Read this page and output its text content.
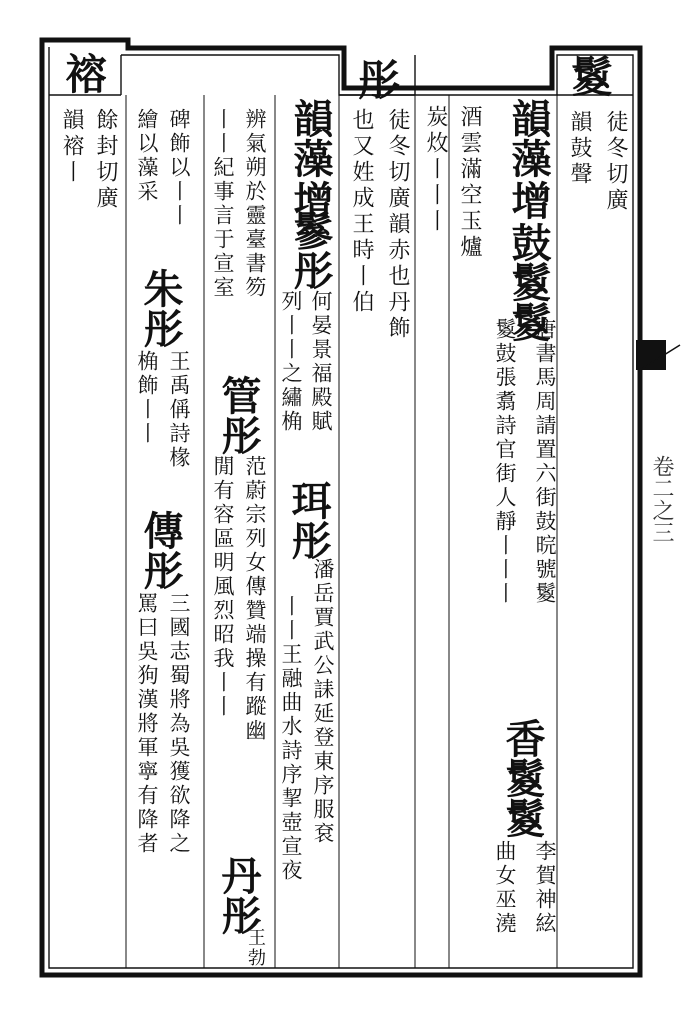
卷二之三
鬉
徒冬切廣
韻鼓聲
韻藻
增
鼓鬉鬉
唐書馬周請置六街鼓晥號鬉
鬉鼓張翥詩官街人靜丨丨丨
香鬉鬉
李賀神絃
曲女巫澆
酒雲滿空玉爐
炭炇丨丨丨
彤
徒冬切廣韻赤也丹飾
也又姓成王時丨伯
韻藻
增
鬖彤
何晏景福殿賦
列丨丨之繡桷
珥彤
潘岳賈武公誄延登東序服袞
丨丨王融曲水詩序挈壺宣夜
辨氣朔於靈臺書笏
丨丨紀事言于宣室
管彤
范蔚宗列女傳贊端操有蹤幽
閒有容區明風烈昭我丨丨
丹彤
王
勃
碑飾以丨丨
繪以藻采
朱彤
王禹偁詩椽
桷飾丨丨
傳彤
三國志蜀將為吳獲欲降之
罵曰吳狗漢將軍寧有降者
褣
餘封切廣
韻褣丨
